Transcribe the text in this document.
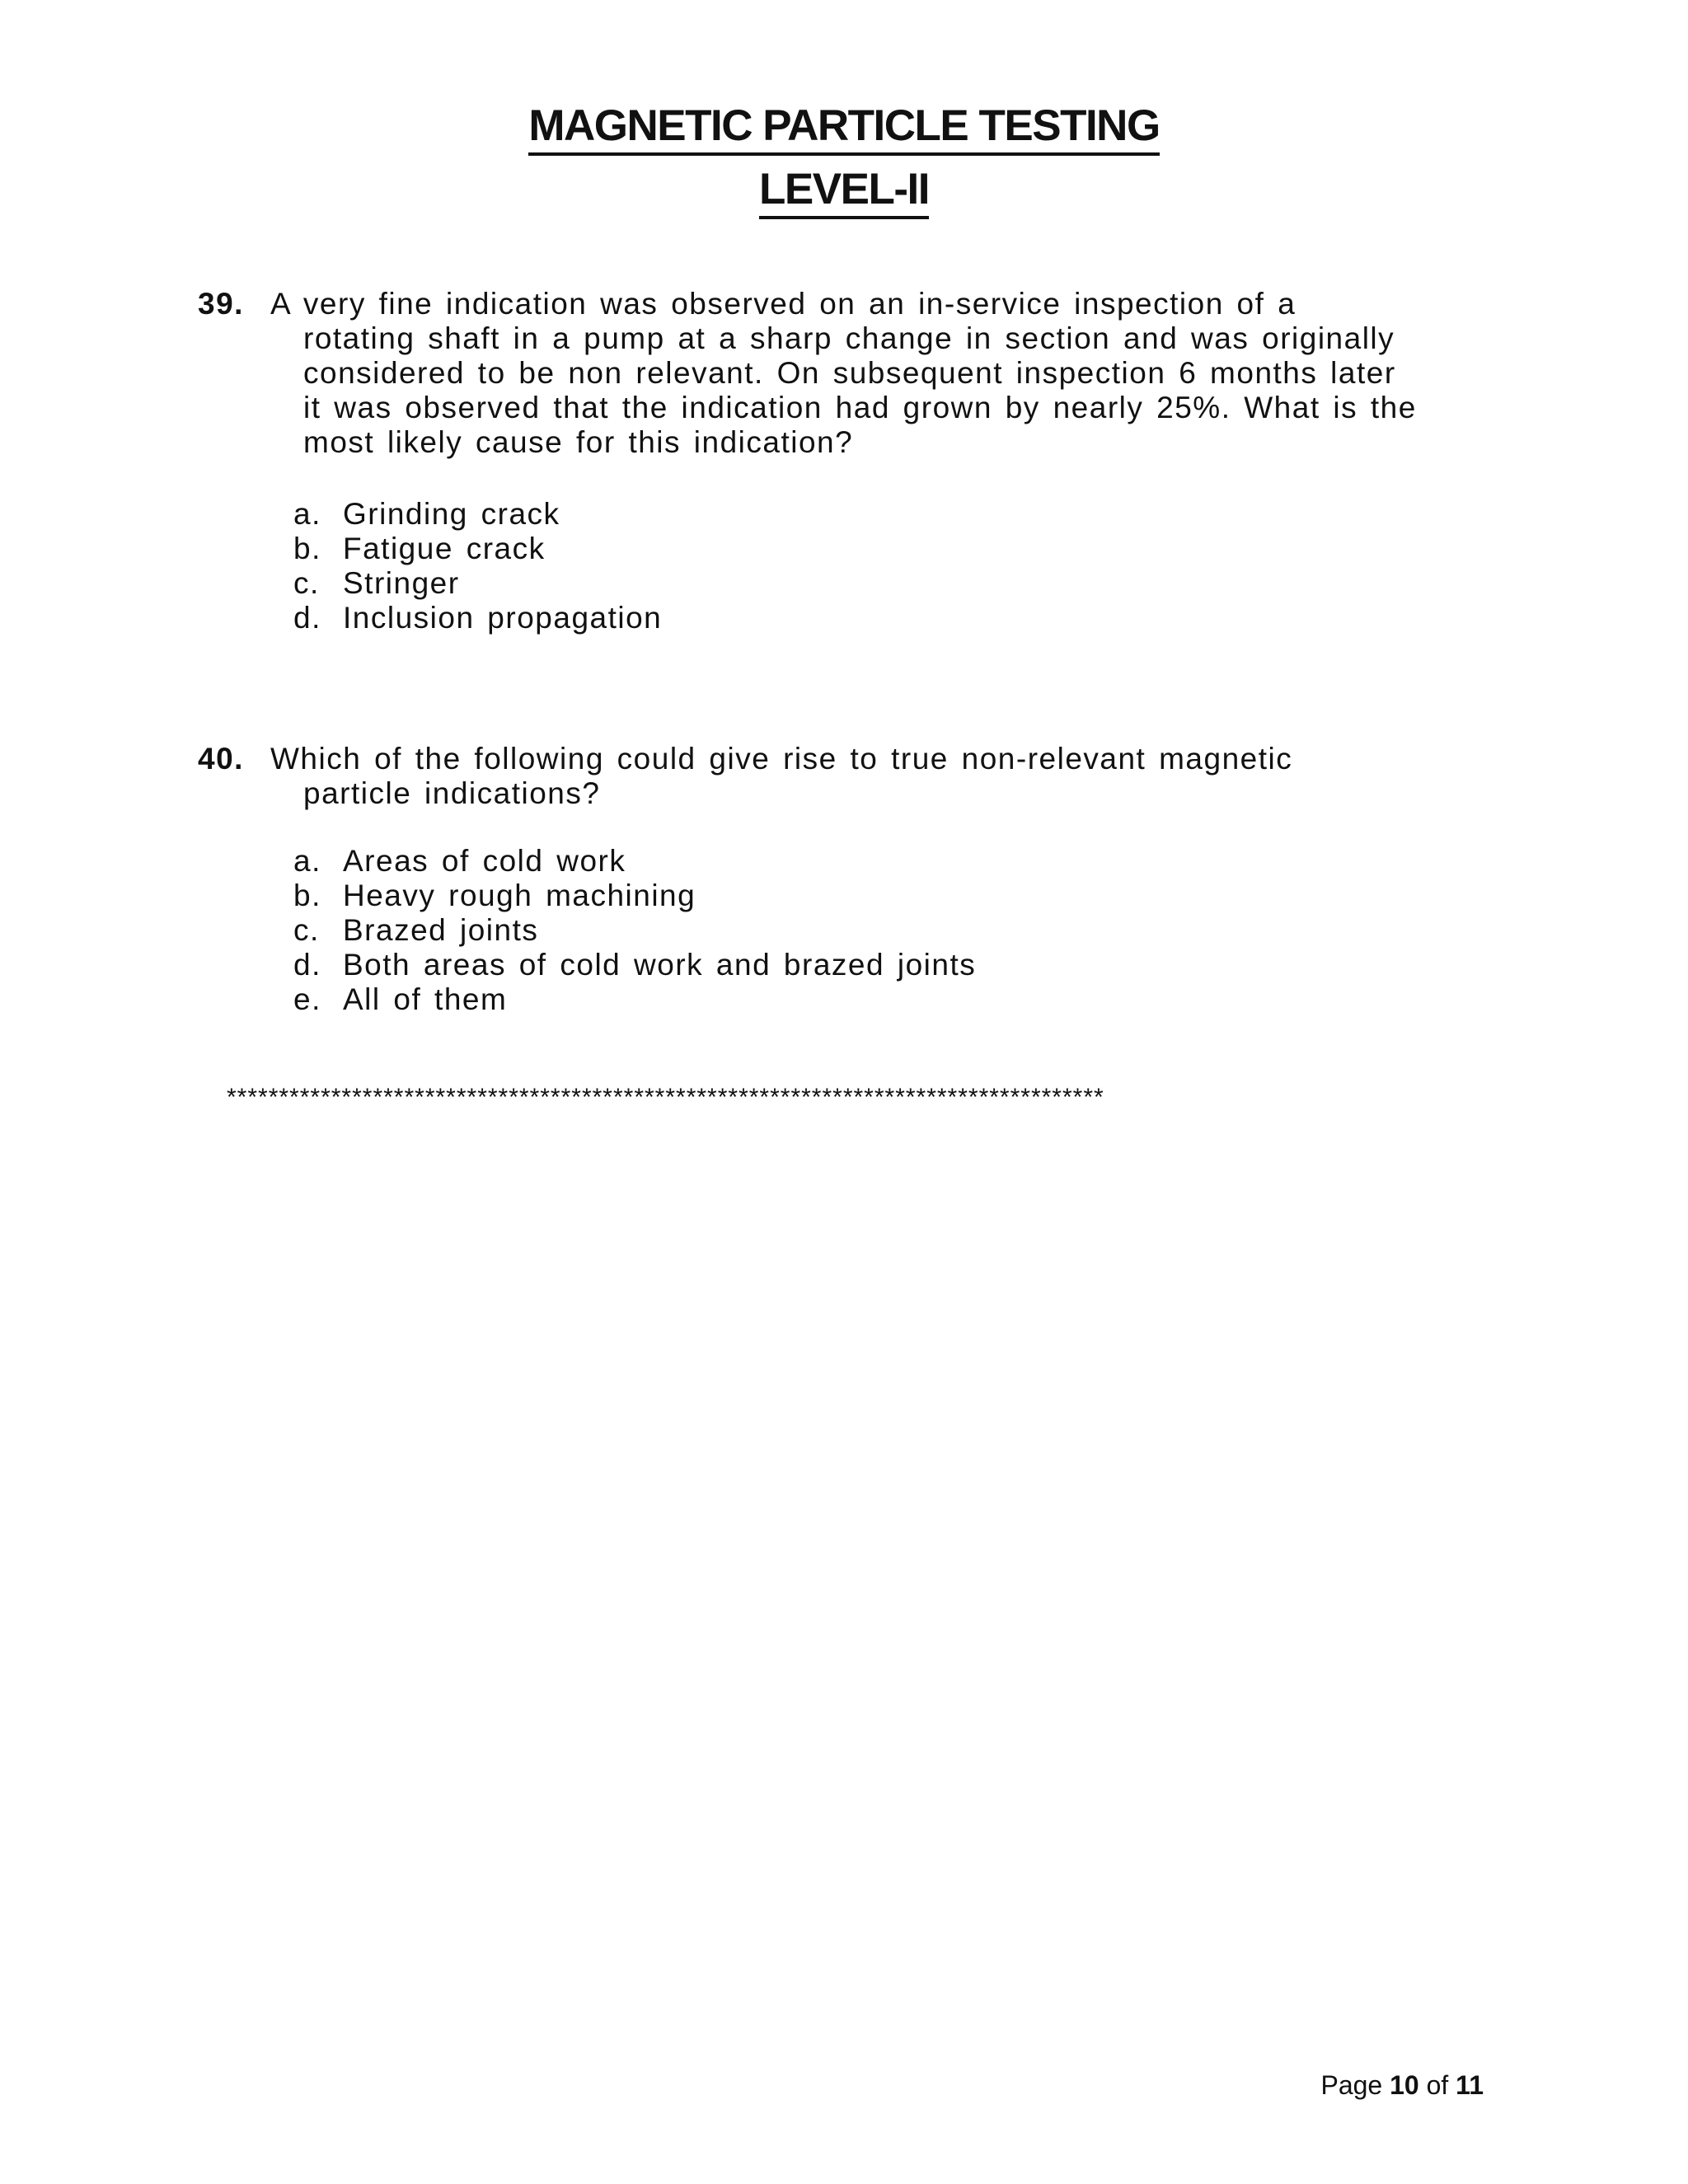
MAGNETIC PARTICLE TESTING
LEVEL-II
39. A very fine indication was observed on an in-service inspection of a
rotating shaft in a pump at a sharp change in section and was originally
considered to be non relevant. On subsequent inspection 6 months later
it was observed that the indication had grown by nearly 25%. What is the
most likely cause for this indication?
a. Grinding crack
b. Fatigue crack
c. Stringer
d. Inclusion propagation
40. Which of the following could give rise to true non-relevant magnetic
particle indications?
a. Areas of cold work
b. Heavy rough machining
c. Brazed joints
d. Both areas of cold work and brazed joints
e. All of them
************************************************************************************
Page 10 of 11
